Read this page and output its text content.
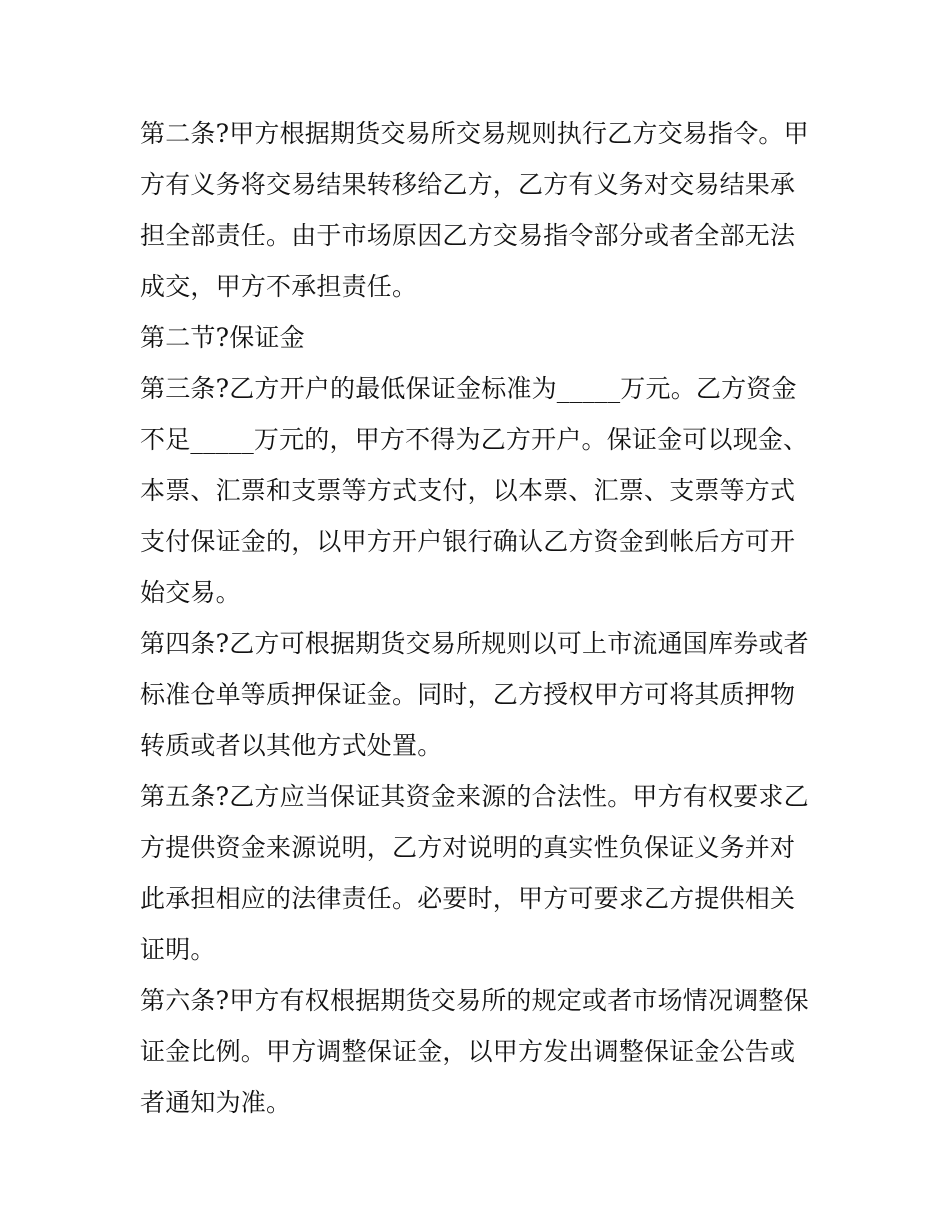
第二条?甲方根据期货交易所交易规则执行乙方交易指令。甲方有义务将交易结果转移给乙方，乙方有义务对交易结果承担全部责任。由于市场原因乙方交易指令部分或者全部无法成交，甲方不承担责任。

第二节?保证金

第三条?乙方开户的最低保证金标准为_____万元。乙方资金不足_____万元的，甲方不得为乙方开户。保证金可以现金、本票、汇票和支票等方式支付，以本票、汇票、支票等方式支付保证金的，以甲方开户银行确认乙方资金到帐后方可开始交易。

第四条?乙方可根据期货交易所规则以可上市流通国库券或者标准仓单等质押保证金。同时，乙方授权甲方可将其质押物转质或者以其他方式处置。

第五条?乙方应当保证其资金来源的合法性。甲方有权要求乙方提供资金来源说明，乙方对说明的真实性负保证义务并对此承担相应的法律责任。必要时，甲方可要求乙方提供相关证明。

第六条?甲方有权根据期货交易所的规定或者市场情况调整保证金比例。甲方调整保证金，以甲方发出调整保证金公告或者通知为准。
